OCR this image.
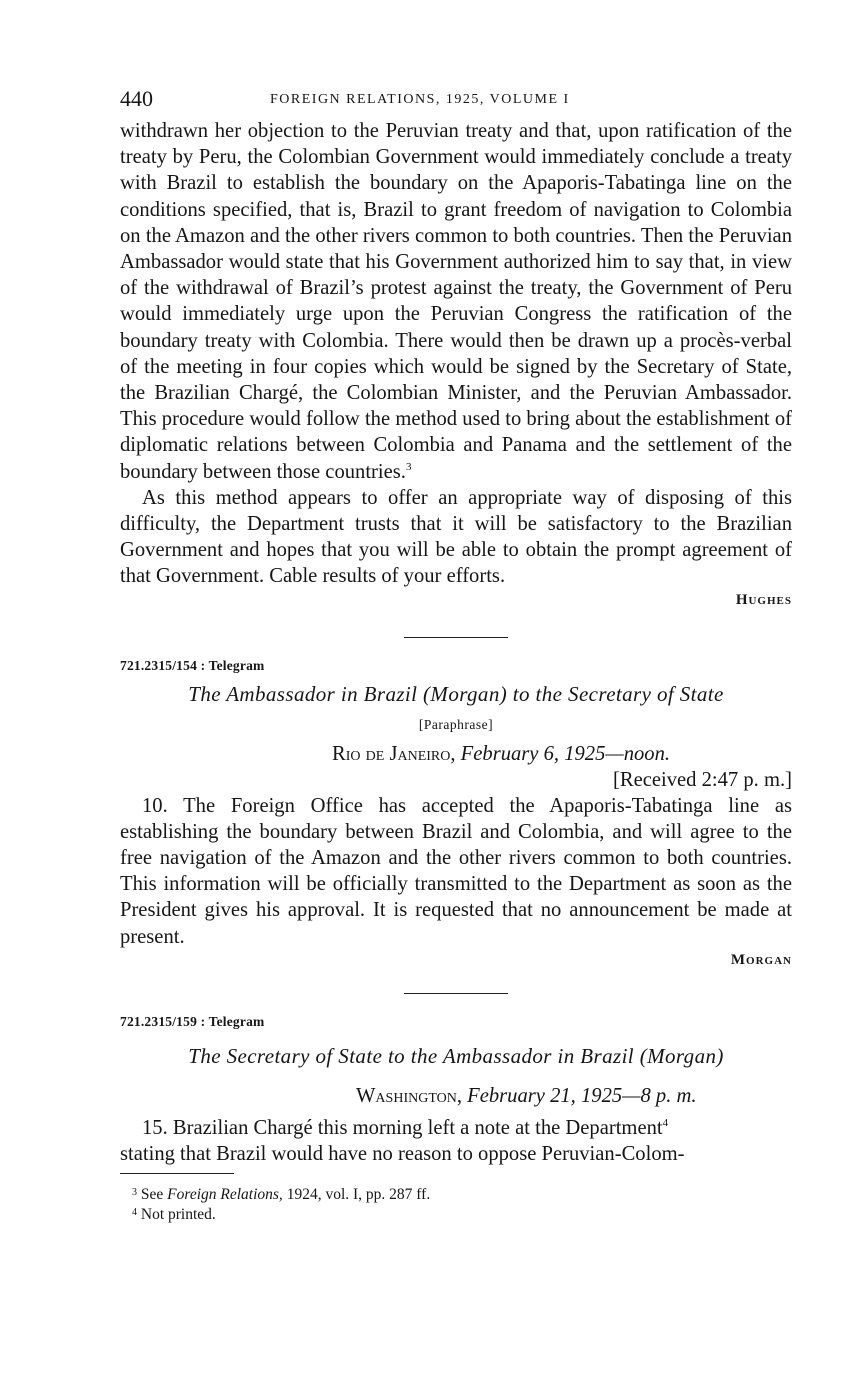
440	FOREIGN RELATIONS, 1925, VOLUME I

withdrawn her objection to the Peruvian treaty and that, upon ratification of the treaty by Peru, the Colombian Government would immediately conclude a treaty with Brazil to establish the boundary on the Apaporis-Tabatinga line on the conditions specified, that is, Brazil to grant freedom of navigation to Colombia on the Amazon and the other rivers common to both countries. Then the Peruvian Ambassador would state that his Government authorized him to say that, in view of the withdrawal of Brazil’s protest against the treaty, the Government of Peru would immediately urge upon the Peruvian Congress the ratification of the boundary treaty with Colombia. There would then be drawn up a procès-verbal of the meeting in four copies which would be signed by the Secretary of State, the Brazilian Chargé, the Colombian Minister, and the Peruvian Ambassador. This procedure would follow the method used to bring about the establishment of diplomatic relations between Colombia and Panama and the settlement of the boundary between those countries.$^3$

As this method appears to offer an appropriate way of disposing of this difficulty, the Department trusts that it will be satisfactory to the Brazilian Government and hopes that you will be able to obtain the prompt agreement of that Government. Cable results of your efforts.

Hughes
721.2315/154 : Telegram
The Ambassador in Brazil (Morgan) to the Secretary of State
[Paraphrase]
Rio de Janeiro, February 6, 1925—noon.
[Received 2:47 p. m.]

10. The Foreign Office has accepted the Apaporis-Tabatinga line as establishing the boundary between Brazil and Colombia, and will agree to the free navigation of the Amazon and the other rivers common to both countries. This information will be officially transmitted to the Department as soon as the President gives his approval. It is requested that no announcement be made at present.

Morgan
721.2315/159 : Telegram
The Secretary of State to the Ambassador in Brazil (Morgan)
Washington, February 21, 1925—8 p. m.

15. Brazilian Chargé this morning left a note at the Department$^4$

stating that Brazil would have no reason to oppose Peruvian-Colom-

$^3$ See Foreign Relations, 1924, vol. I, pp. 287 ff.
$^4$ Not printed.
